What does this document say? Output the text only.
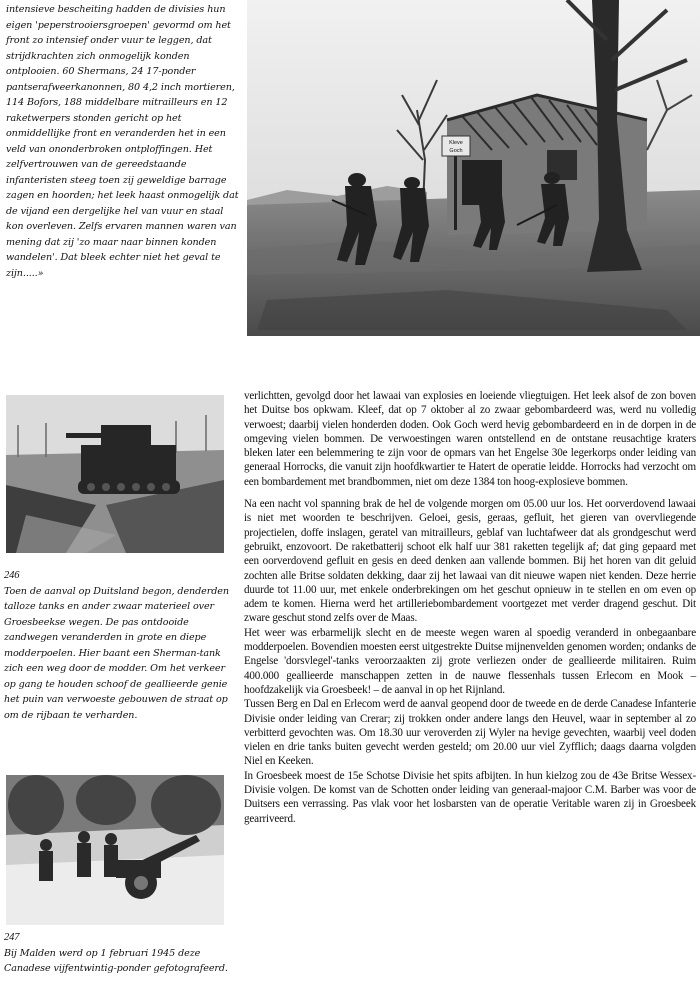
intensieve bescheiting hadden de divisies hun eigen 'peperstrooiersgroepen' gevormd om het front zo intensief onder vuur te leggen, dat strijdkrachten zich onmogelijk konden ontplooien. 60 Shermans, 24 17-ponder pantserafweerkanonnen, 80 4,2 inch mortieren, 114 Bofors, 188 middelbare mitrailleurs en 12 raketwerpers stonden gericht op het onmiddellijke front en veranderden het in een veld van ononderbroken ontploffingen. Het zelfvertrouwen van de gereedstaande infanteristen steeg toen zij geweldige barrage zagen en hoorden; het leek haast onmogelijk dat de vijand een dergelijke hel van vuur en staal kon overleven. Zelfs ervaren mannen waren van mening dat zij 'zo maar naar binnen konden wandelen'. Dat bleek echter niet het geval te zijn.....»

Kleve
Goch
246
Toen de aanval op Duitsland begon, denderden talloze tanks en ander zwaar materieel over Groesbeekse wegen. De pas ontdooide zandwegen veranderden in grote en diepe modderpoelen. Hier baant een Sherman-tank zich een weg door de modder. Om het verkeer op gang te houden schoof de geallieerde genie het puin van verwoeste gebouwen de straat op om de rijbaan te verharden.
247
Bij Malden werd op 1 februari 1945 deze Canadese vijfentwintig-ponder gefotografeerd.

verlichtten, gevolgd door het lawaai van explosies en loeiende vliegtuigen. Het leek alsof de zon boven het Duitse bos opkwam. Kleef, dat op 7 oktober al zo zwaar gebombardeerd was, werd nu volledig verwoest; daarbij vielen honderden doden. Ook Goch werd hevig gebombardeerd en in de dorpen in de omgeving vielen bommen. De verwoestingen waren ontstellend en de ontstane reusachtige kraters bleken later een belemmering te zijn voor de opmars van het Engelse 30e legerkorps onder leiding van generaal Horrocks, die vanuit zijn hoofdkwartier te Hatert de operatie leidde. Horrocks had verzocht om een bombardement met brandbommen, niet om deze 1384 ton hoog-explosieve bommen.

Na een nacht vol spanning brak de hel de volgende morgen om 05.00 uur los. Het oorverdovend lawaai is niet met woorden te beschrijven. Geloei, gesis, geraas, gefluit, het gieren van overvliegende projectielen, doffe inslagen, geratel van mitrailleurs, geblaf van luchtafweer dat als grondgeschut werd gebruikt, enzovoort. De raketbatterij schoot elk half uur 381 raketten tegelijk af; dat ging gepaard met een oorverdovend gefluit en gesis en deed denken aan vallende bommen. Bij het horen van dit geluid zochten alle Britse soldaten dekking, daar zij het lawaai van dit nieuwe wapen niet kenden. Deze herrie duurde tot 11.00 uur, met enkele onderbrekingen om het geschut opnieuw in te stellen en om even op adem te komen. Hierna werd het artilleriebombardement voortgezet met verder dragend geschut. Dit zware geschut stond zelfs over de Maas.

Het weer was erbarmelijk slecht en de meeste wegen waren al spoedig veranderd in onbegaanbare modderpoelen. Bovendien moesten eerst uitgestrekte Duitse mijnenvelden genomen worden; ondanks de Engelse 'dorsvlegel'-tanks veroorzaakten zij grote verliezen onder de geallieerde militairen. Ruim 400.000 geallieerde manschappen zetten in de nauwe flessenhals tussen Erlecom en Mook – hoofdzakelijk via Groesbeek! – de aanval in op het Rijnland.

Tussen Berg en Dal en Erlecom werd de aanval geopend door de tweede en de derde Canadese Infanterie Divisie onder leiding van Crerar; zij trokken onder andere langs den Heuvel, waar in september al zo verbitterd gevochten was. Om 18.30 uur veroverden zij Wyler na hevige gevechten, waarbij veel doden vielen en drie tanks buiten gevecht werden gesteld; om 20.00 uur viel Zyfflich; daags daarna volgden Niel en Keeken.

In Groesbeek moest de 15e Schotse Divisie het spits afbijten. In hun kielzog zou de 43e Britse Wessex-Divisie volgen. De komst van de Schotten onder leiding van generaal-majoor C.M. Barber was voor de Duitsers een verrassing. Pas vlak voor het losbarsten van de operatie Veritable waren zij in Groesbeek gearriveerd.
